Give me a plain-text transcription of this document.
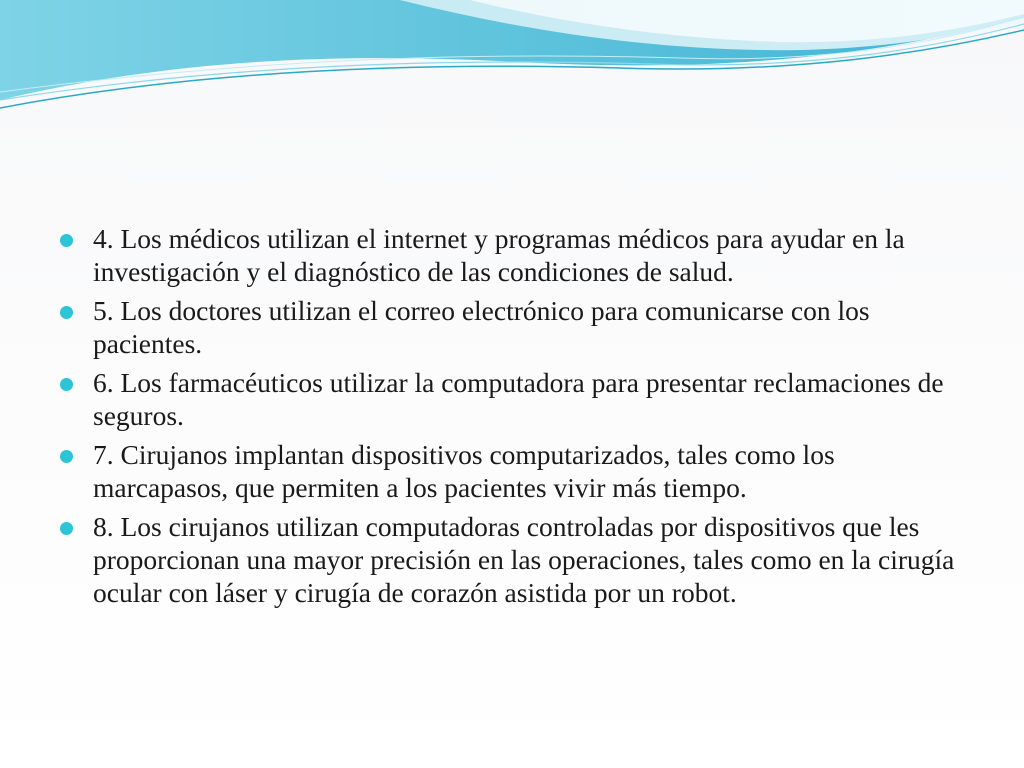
4. Los médicos utilizan el internet y programas médicos para ayudar en la investigación y el diagnóstico de las condiciones de salud.
5. Los doctores utilizan el correo electrónico para comunicarse con los pacientes.
6. Los farmacéuticos utilizar la computadora para presentar reclamaciones de seguros.
7. Cirujanos implantan dispositivos computarizados, tales como los marcapasos, que permiten a los pacientes vivir más tiempo.
8. Los cirujanos utilizan computadoras controladas por dispositivos que les proporcionan una mayor precisión en las operaciones, tales como en la cirugía ocular con láser y cirugía de corazón asistida por un robot.
